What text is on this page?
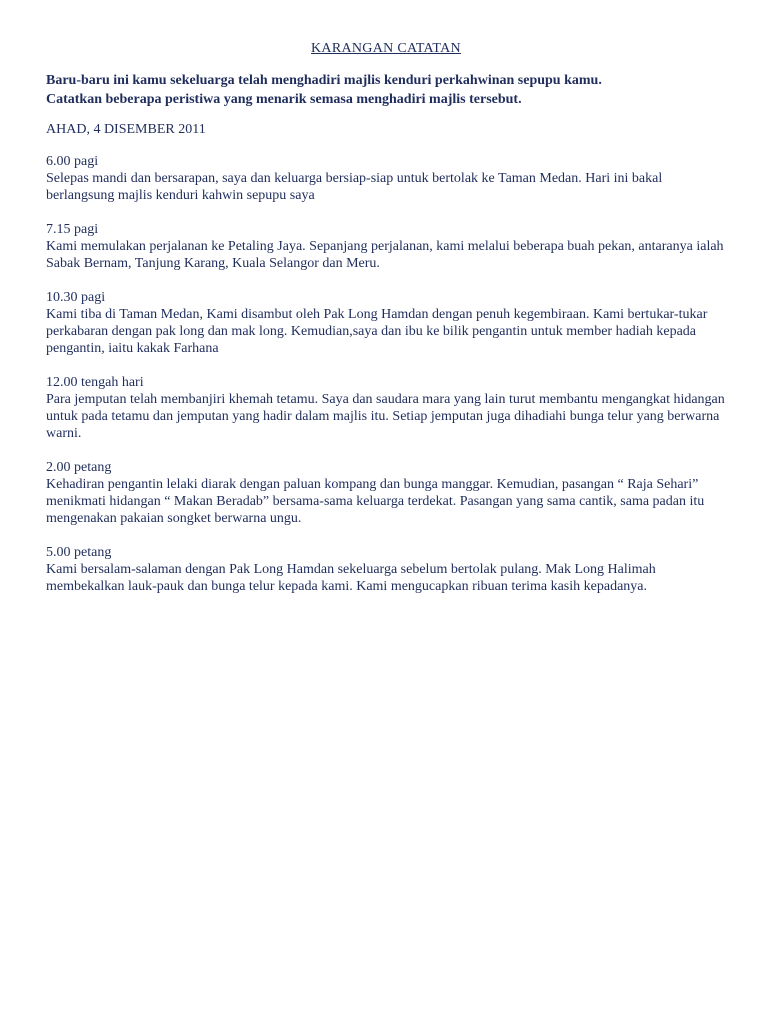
KARANGAN CATATAN
Baru-baru ini kamu sekeluarga telah menghadiri majlis kenduri perkahwinan sepupu kamu.
Catatkan beberapa peristiwa yang menarik semasa menghadiri majlis tersebut.
AHAD, 4 DISEMBER 2011
6.00 pagi
Selepas mandi dan bersarapan, saya dan keluarga bersiap-siap untuk bertolak ke Taman Medan. Hari ini bakal berlangsung majlis kenduri kahwin sepupu saya
7.15 pagi
Kami memulakan perjalanan ke Petaling Jaya. Sepanjang perjalanan, kami melalui beberapa buah pekan, antaranya ialah Sabak Bernam, Tanjung Karang, Kuala Selangor dan Meru.
10.30 pagi
Kami tiba di Taman Medan, Kami disambut oleh Pak Long Hamdan dengan penuh kegembiraan. Kami bertukar-tukar perkabaran dengan pak long dan mak long. Kemudian,saya dan ibu ke bilik pengantin untuk member hadiah kepada pengantin, iaitu kakak Farhana
12.00 tengah hari
Para jemputan telah membanjiri khemah tetamu. Saya dan saudara mara yang lain turut membantu mengangkat hidangan untuk pada tetamu dan jemputan yang hadir dalam majlis itu. Setiap jemputan juga dihadiahi bunga telur yang berwarna warni.
2.00 petang
Kehadiran pengantin lelaki diarak dengan paluan kompang dan bunga manggar. Kemudian, pasangan “ Raja Sehari” menikmati hidangan “ Makan Beradab” bersama-sama keluarga terdekat. Pasangan yang sama cantik, sama padan itu mengenakan pakaian songket berwarna ungu.
5.00 petang
Kami bersalam-salaman dengan Pak Long Hamdan sekeluarga sebelum bertolak pulang. Mak Long Halimah membekalkan lauk-pauk dan bunga telur kepada kami. Kami mengucapkan ribuan terima kasih kepadanya.
